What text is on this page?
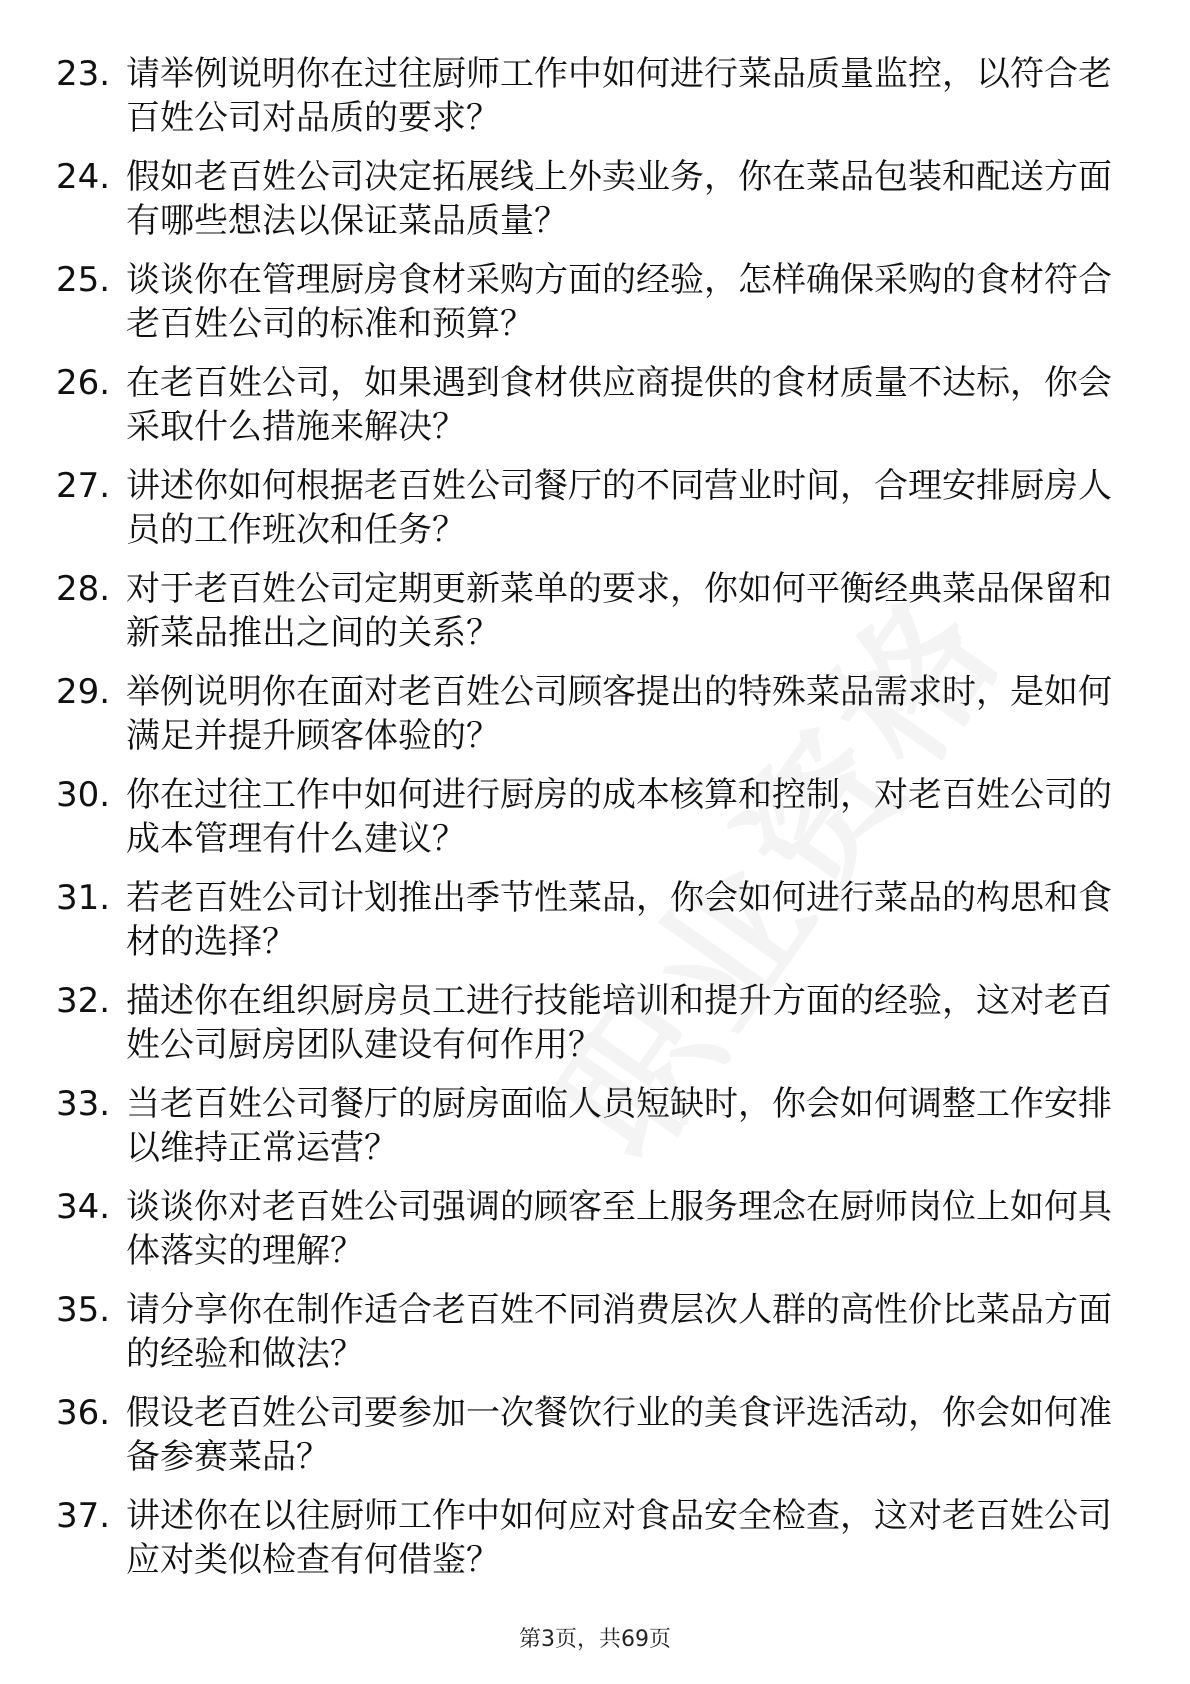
23. 请举例说明你在过往厨师工作中如何进行菜品质量监控，以符合老百姓公司对品质的要求？
24. 假如老百姓公司决定拓展线上外卖业务，你在菜品包装和配送方面有哪些想法以保证菜品质量？
25. 谈谈你在管理厨房食材采购方面的经验，怎样确保采购的食材符合老百姓公司的标准和预算？
26. 在老百姓公司，如果遇到食材供应商提供的食材质量不达标，你会采取什么措施来解决？
27. 讲述你如何根据老百姓公司餐厅的不同营业时间，合理安排厨房人员的工作班次和任务？
28. 对于老百姓公司定期更新菜单的要求，你如何平衡经典菜品保留和新菜品推出之间的关系？
29. 举例说明你在面对老百姓公司顾客提出的特殊菜品需求时，是如何满足并提升顾客体验的？
30. 你在过往工作中如何进行厨房的成本核算和控制，对老百姓公司的成本管理有什么建议？
31. 若老百姓公司计划推出季节性菜品，你会如何进行菜品的构思和食材的选择？
32. 描述你在组织厨房员工进行技能培训和提升方面的经验，这对老百姓公司厨房团队建设有何作用？
33. 当老百姓公司餐厅的厨房面临人员短缺时，你会如何调整工作安排以维持正常运营？
34. 谈谈你对老百姓公司强调的顾客至上服务理念在厨师岗位上如何具体落实的理解？
35. 请分享你在制作适合老百姓不同消费层次人群的高性价比菜品方面的经验和做法？
36. 假设老百姓公司要参加一次餐饮行业的美食评选活动，你会如何准备参赛菜品？
37. 讲述你在以往厨师工作中如何应对食品安全检查，这对老百姓公司应对类似检查有何借鉴？
第3页，共69页
